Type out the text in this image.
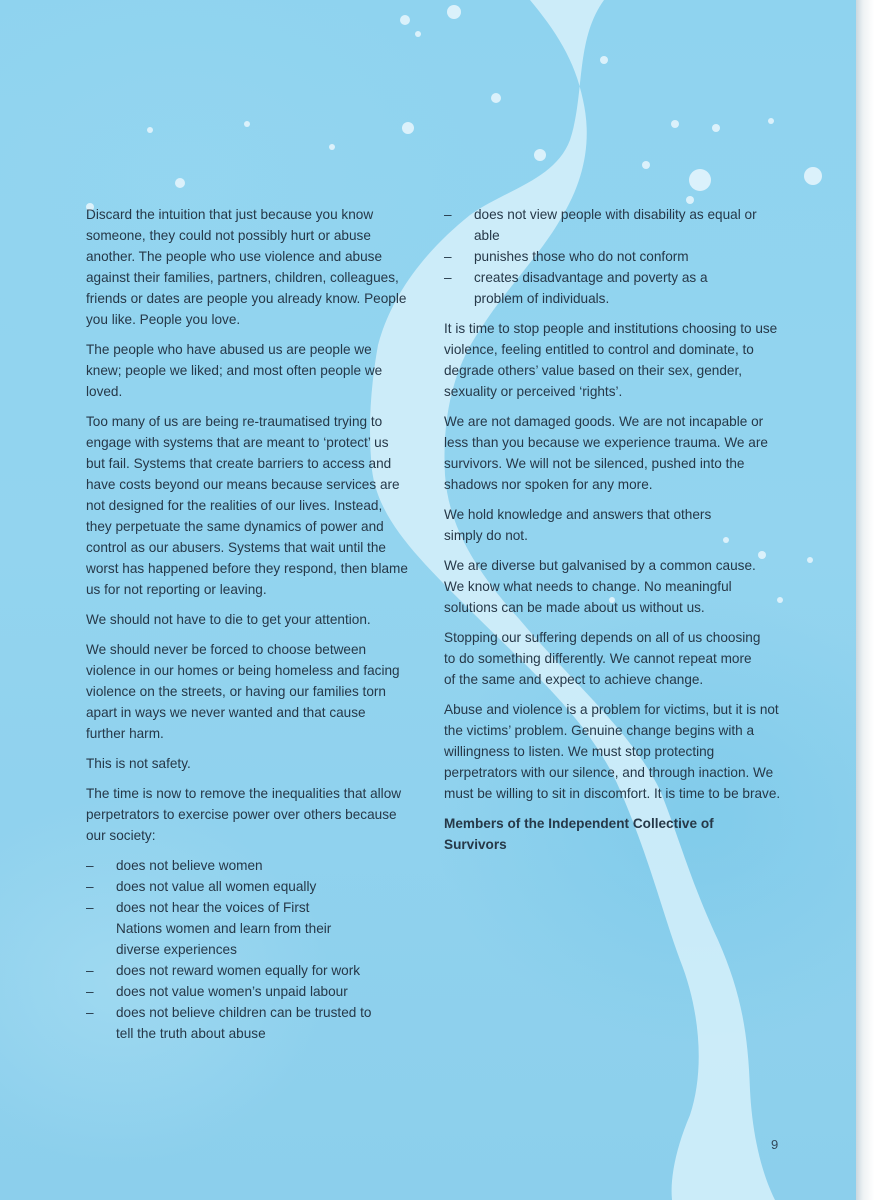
Discard the intuition that just because you know someone, they could not possibly hurt or abuse another. The people who use violence and abuse against their families, partners, children, colleagues, friends or dates are people you already know. People you like. People you love.

The people who have abused us are people we knew; people we liked; and most often people we loved.

Too many of us are being re-traumatised trying to engage with systems that are meant to ‘protect’ us but fail. Systems that create barriers to access and have costs beyond our means because services are not designed for the realities of our lives. Instead, they perpetuate the same dynamics of power and control as our abusers. Systems that wait until the worst has happened before they respond, then blame us for not reporting or leaving.

We should not have to die to get your attention.

We should never be forced to choose between violence in our homes or being homeless and facing violence on the streets, or having our families torn apart in ways we never wanted and that cause further harm.

This is not safety.

The time is now to remove the inequalities that allow perpetrators to exercise power over others because our society:

– does not believe women
– does not value all women equally
– does not hear the voices of First Nations women and learn from their diverse experiences
– does not reward women equally for work
– does not value women’s unpaid labour
– does not believe children can be trusted to tell the truth about abuse
– does not view people with disability as equal or able
– punishes those who do not conform
– creates disadvantage and poverty as a problem of individuals.

It is time to stop people and institutions choosing to use violence, feeling entitled to control and dominate, to degrade others’ value based on their sex, gender, sexuality or perceived ‘rights’.

We are not damaged goods. We are not incapable or less than you because we experience trauma. We are survivors. We will not be silenced, pushed into the shadows nor spoken for any more.

We hold knowledge and answers that others simply do not.

We are diverse but galvanised by a common cause. We know what needs to change. No meaningful solutions can be made about us without us.

Stopping our suffering depends on all of us choosing to do something differently. We cannot repeat more of the same and expect to achieve change.

Abuse and violence is a problem for victims, but it is not the victims’ problem. Genuine change begins with a willingness to listen. We must stop protecting perpetrators with our silence, and through inaction. We must be willing to sit in discomfort. It is time to be brave.

Members of the Independent Collective of Survivors

9
